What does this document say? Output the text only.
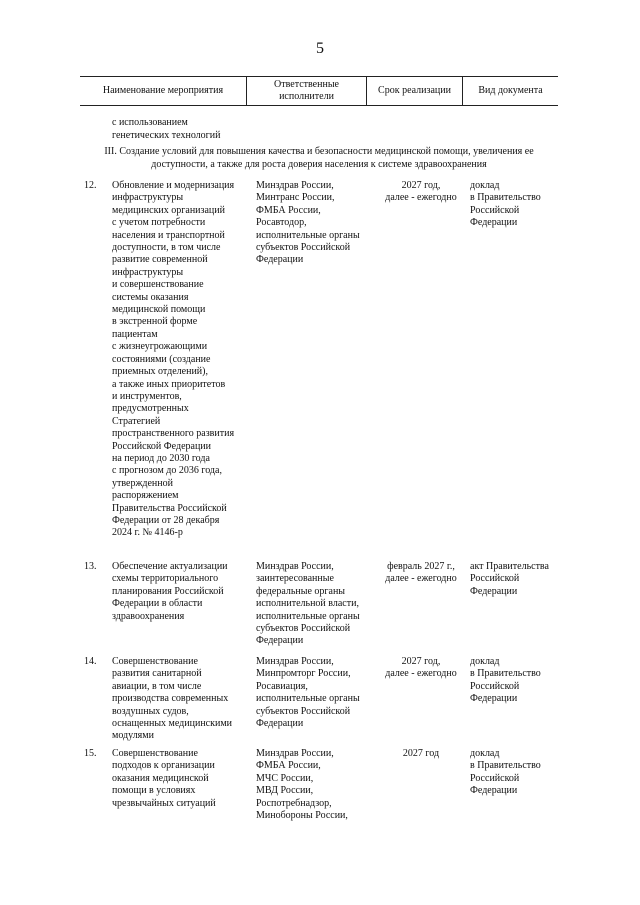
5
Наименование мероприятия
Ответственные
исполнители
Срок реализации	Вид документа
с использованием
генетических технологий
III. Создание условий для повышения качества и безопасности медицинской помощи, увеличения ее доступности, а также для роста доверия населения к системе здравоохранения
12. Обновление и модернизация
инфраструктуры
медицинских организаций
с учетом потребности
населения и транспортной
доступности, в том числе
развитие современной
инфраструктуры
и совершенствование
системы оказания
медицинской помощи
в экстренной форме
пациентам
с жизнеугрожающими
состояниями (создание
приемных отделений),
а также иных приоритетов
и инструментов,
предусмотренных
Стратегией
пространственного развития
Российской Федерации
на период до 2030 года
с прогнозом до 2036 года,
утвержденной
распоряжением
Правительства Российской
Федерации от 28 декабря
2024 г. № 4146-р
Минздрав России,
Минтранс России,
ФМБА России,
Росавтодор,
исполнительные органы
субъектов Российской
Федерации
2027 год,
далее - ежегодно
доклад
в Правительство
Российской
Федерации
13. Обеспечение актуализации
схемы территориального
планирования Российской
Федерации в области
здравоохранения
Минздрав России,
заинтересованные
федеральные органы
исполнительной власти,
исполнительные органы
субъектов Российской
Федерации
февраль 2027 г.,
далее - ежегодно
акт Правительства
Российской
Федерации
14. Совершенствование
развития санитарной
авиации, в том числе
производства современных
воздушных судов,
оснащенных медицинскими
модулями
Минздрав России,
Минпромторг России,
Росавиация,
исполнительные органы
субъектов Российской
Федерации
2027 год,
далее - ежегодно
доклад
в Правительство
Российской
Федерации
15. Совершенствование
подходов к организации
оказания медицинской
помощи в условиях
чрезвычайных ситуаций
Минздрав России,
ФМБА России,
МЧС России,
МВД России,
Роспотребнадзор,
Минобороны России,
2027 год	доклад
в Правительство
Российской
Федерации
